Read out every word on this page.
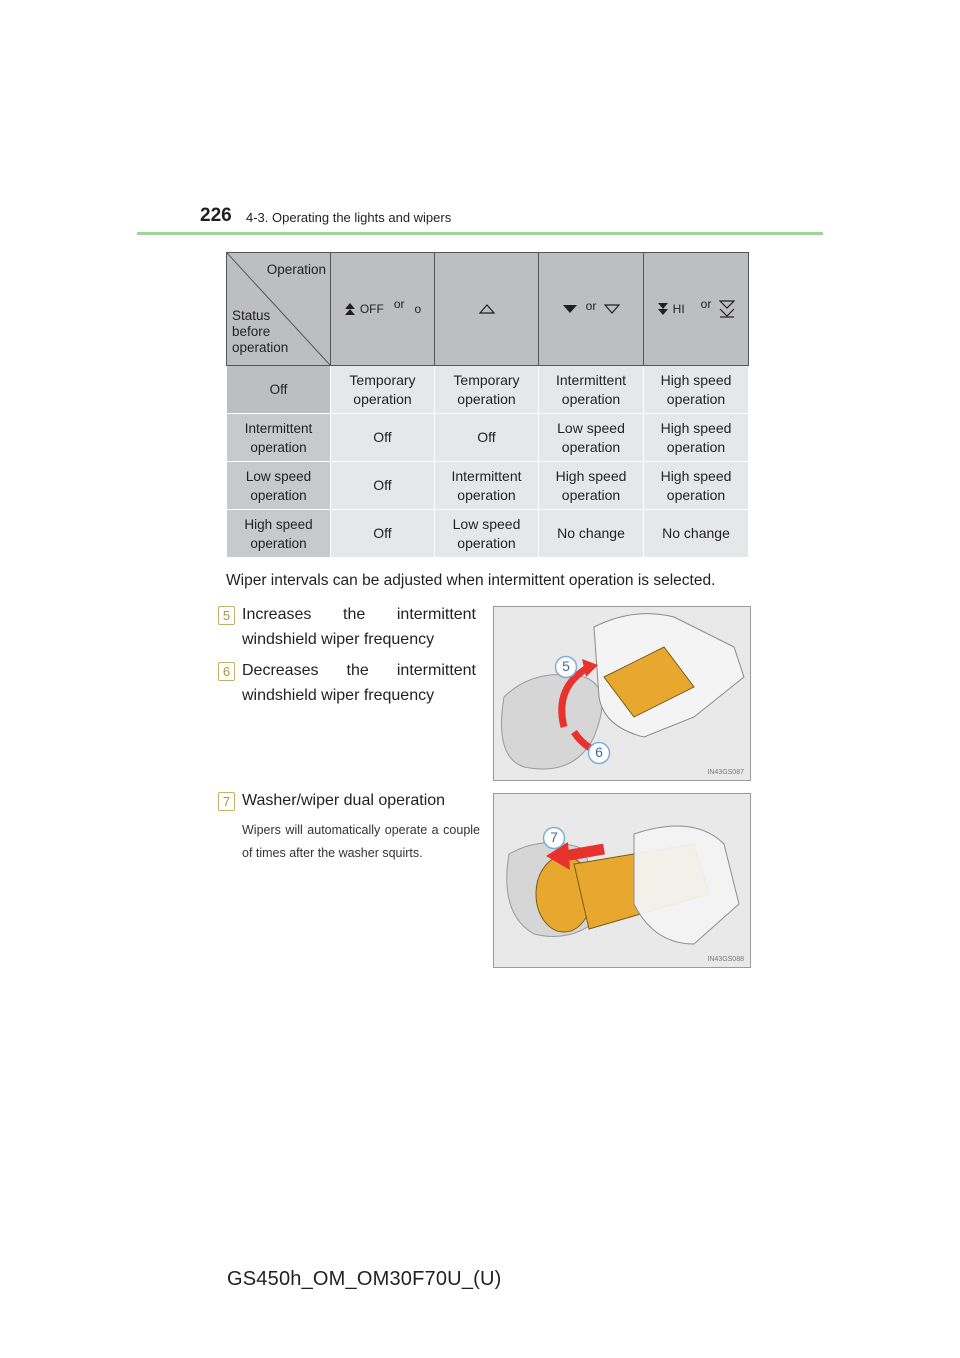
226 4-3. Operating the lights and wipers
Operation
Status
before
operation	OFF or o		or	HI or

Off	Temporary operation	Temporary operation	Intermittent operation	High speed operation
Intermittent operation	Off	Off	Low speed operation	High speed operation
Low speed operation	Off	Intermittent operation	High speed operation	High speed operation
High speed operation	Off	Low speed operation	No change	No change
Wiper intervals can be adjusted when intermittent operation is selected.
5 Increases the intermittent windshield wiper frequency
6 Decreases the intermittent windshield wiper frequency
7 Washer/wiper dual operation
Wipers will automatically operate a couple of times after the washer squirts.
5
6
IN43GS087
7
IN43GS088
GS450h_OM_OM30F70U_(U)
